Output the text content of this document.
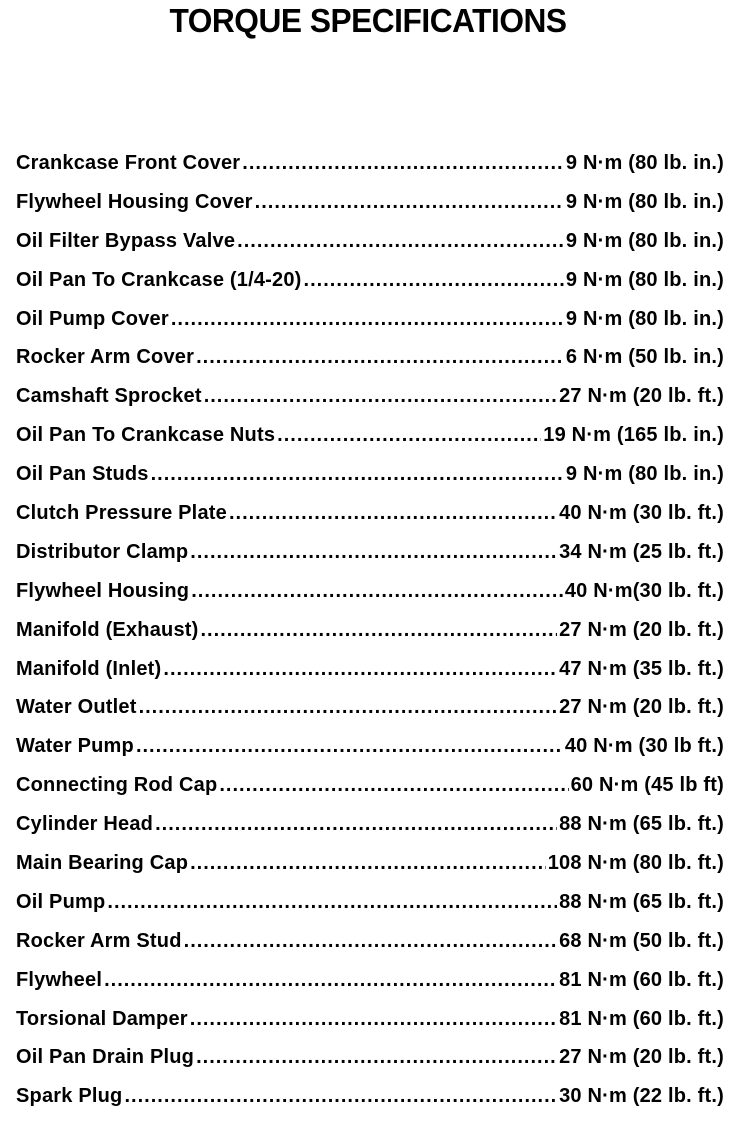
TORQUE SPECIFICATIONS
Crankcase Front Cover .....	9 N·m (80 lb. in.)
Flywheel Housing Cover .....	9 N·m (80 lb. in.)
Oil Filter Bypass Valve .....	9 N·m (80 lb. in.)
Oil Pan To Crankcase (1/4-20) .....	9 N·m (80 lb. in.)
Oil Pump Cover .....	9 N·m (80 lb. in.)
Rocker Arm Cover .....	6 N·m (50 lb. in.)
Camshaft Sprocket .....	27 N·m (20 lb. ft.)
Oil Pan To Crankcase Nuts .....	19 N·m (165 lb. in.)
Oil Pan Studs .....	9 N·m (80 lb. in.)
Clutch Pressure Plate .....	40 N·m (30 lb. ft.)
Distributor Clamp .....	34 N·m (25 lb. ft.)
Flywheel Housing .....	40 N·m(30 lb. ft.)
Manifold (Exhaust) .....	27 N·m (20 lb. ft.)
Manifold (Inlet) .....	47 N·m (35 lb. ft.)
Water Outlet .....	27 N·m (20 lb. ft.)
Water Pump .....	40 N·m (30 lb ft.)
Connecting Rod Cap .....	60 N·m (45 lb ft)
Cylinder Head .....	88 N·m (65 lb. ft.)
Main Bearing Cap .....	108 N·m (80 lb. ft.)
Oil Pump .....	88 N·m (65 lb. ft.)
Rocker Arm Stud .....	68 N·m (50 lb. ft.)
Flywheel .....	81 N·m (60 lb. ft.)
Torsional Damper .....	81 N·m (60 lb. ft.)
Oil Pan Drain Plug .....	27 N·m (20 lb. ft.)
Spark Plug .....	30 N·m (22 lb. ft.)
